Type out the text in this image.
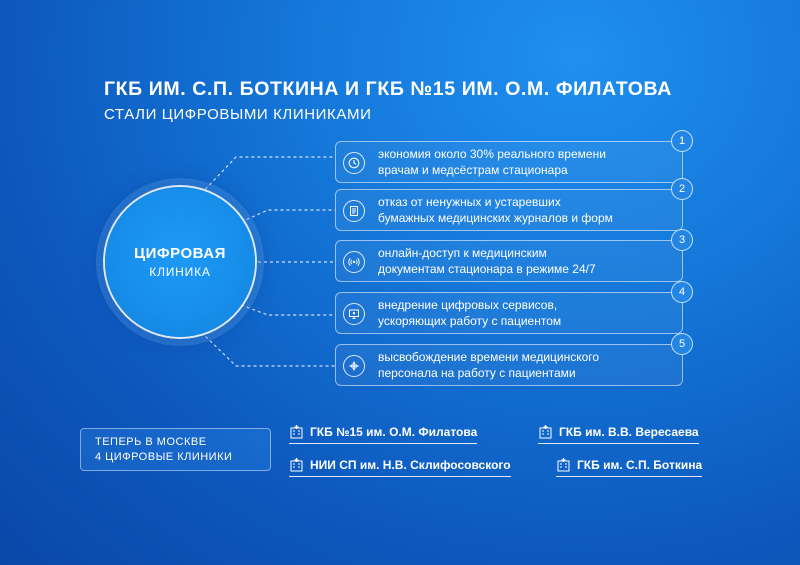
ГКБ ИМ. С.П. БОТКИНА И ГКБ №15 ИМ. О.М. ФИЛАТОВА
СТАЛИ ЦИФРОВЫМИ КЛИНИКАМИ
ЦИФРОВАЯ
КЛИНИКА
экономия около 30% реального времени
врачам и медсёстрам стационара
1
отказ от ненужных и устаревших
бумажных медицинских журналов и форм
2
онлайн-доступ к медицинским
документам стационара в режиме 24/7
3
внедрение цифровых сервисов,
ускоряющих работу с пациентом
4
высвобождение времени медицинского
персонала на работу с пациентами
5
ТЕПЕРЬ В МОСКВЕ
4 ЦИФРОВЫЕ КЛИНИКИ
ГКБ №15 им. О.М. Филатова	ГКБ им. В.В. Вересаева
НИИ СП им. Н.В. Склифосовского	ГКБ им. С.П. Боткина
